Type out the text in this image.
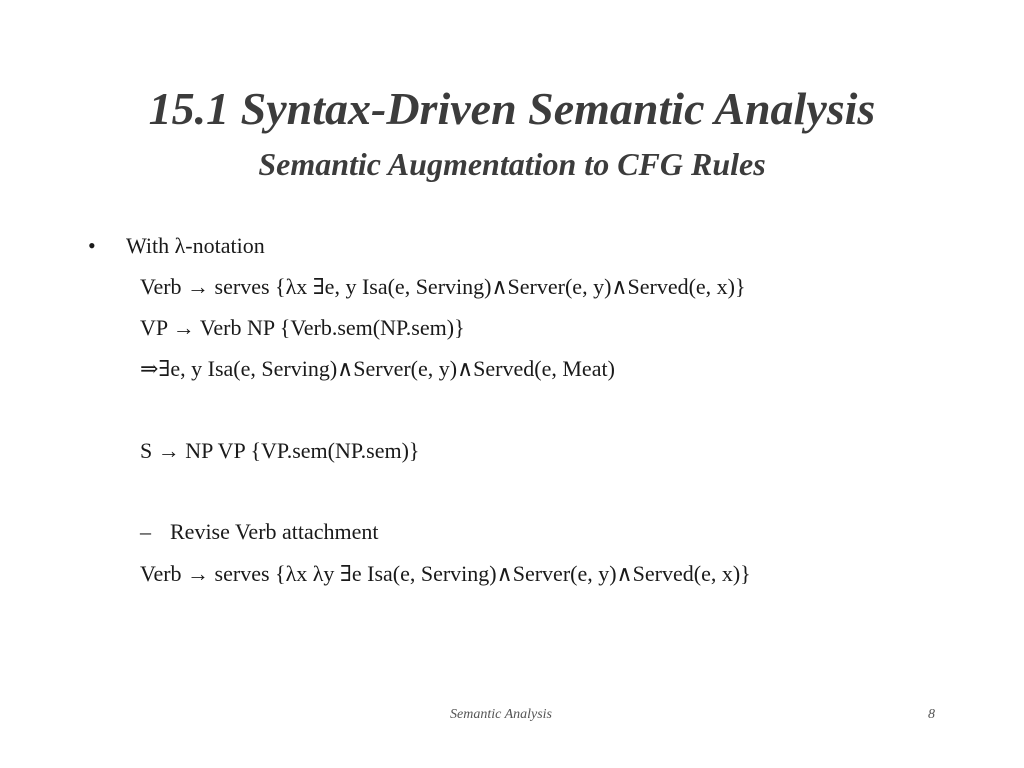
15.1 Syntax-Driven Semantic Analysis
Semantic Augmentation to CFG Rules
• With λ-notation
Verb → serves {λx ∃e, y Isa(e, Serving)∧Server(e, y)∧Served(e, x)}
VP → Verb NP {Verb.sem(NP.sem)}
⇒∃e, y Isa(e, Serving)∧Server(e, y)∧Served(e, Meat)
S → NP VP {VP.sem(NP.sem)}
– Revise Verb attachment
Verb → serves {λx λy ∃e Isa(e, Serving)∧Server(e, y)∧Served(e, x)}
Semantic Analysis	8
